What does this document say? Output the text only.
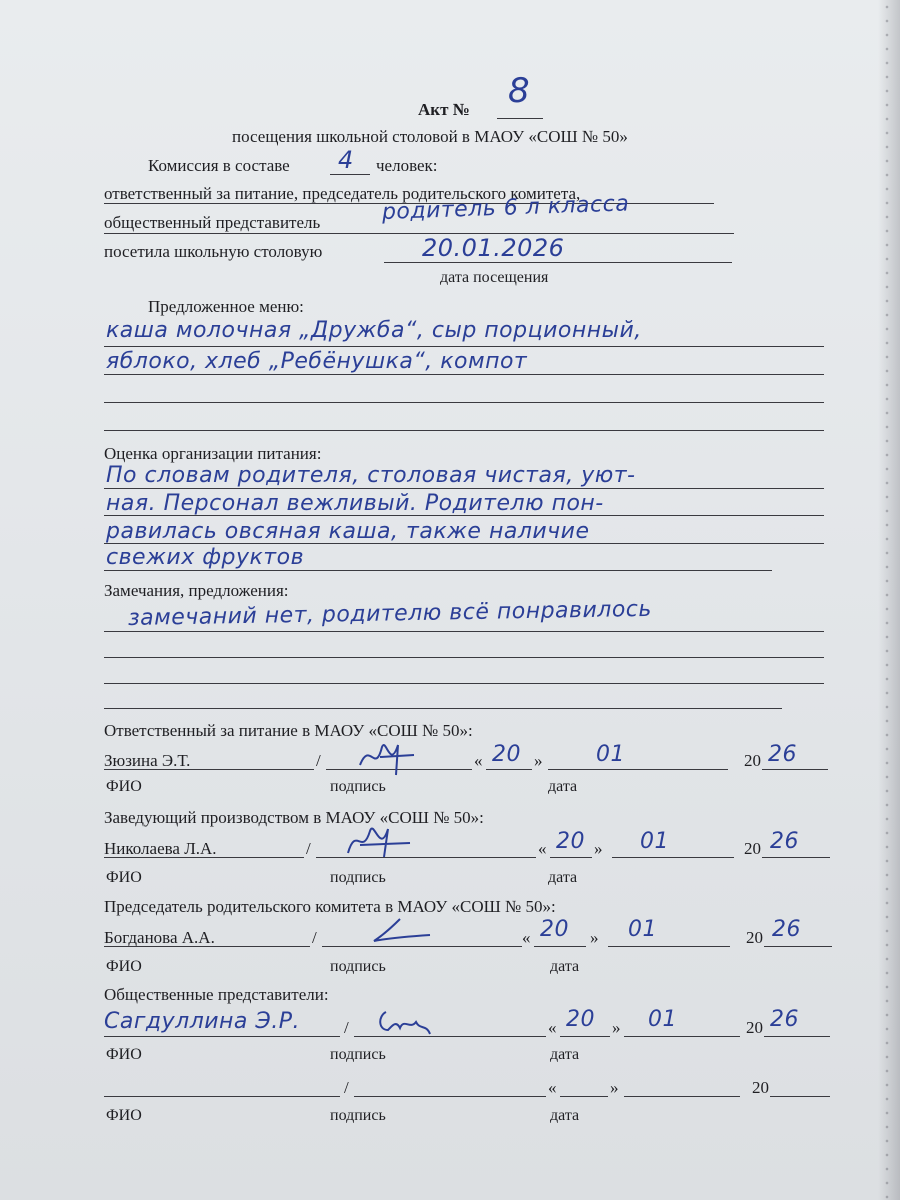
Акт № 8
посещения школьной столовой в МАОУ «СОШ № 50»
Комиссия в составе 4 человек:
ответственный за питание, председатель родительского комитета,
общественный представитель	родитель 6 л класса
посетила школьную столовую	20.01.2026
дата посещения
Предложенное меню:
каша молочная „Дружба“, сыр порционный,
яблоко, хлеб „Ребёнушка“, компот
Оценка организации питания:
По словам родителя, столовая чистая, уют-
ная. Персонал вежливый. Родителю пон-
равилась овсяная каша, также наличие
свежих фруктов
Замечания, предложения:
замечаний нет, родителю всё понравилось
Ответственный за питание в МАОУ «СОШ № 50»:
Зюзина Э.Т.	/	« 20 » 01	20 26
ФИО	подпись	дата
Заведующий производством в МАОУ «СОШ № 50»:
Николаева Л.А.	/	« 20 » 01	20 26
ФИО	подпись	дата
Председатель родительского комитета в МАОУ «СОШ № 50»:
Богданова А.А.	/	« 20 » 01	20 26
ФИО	подпись	дата
Общественные представители:
Сагдуллина Э.Р.	/	« 20 » 01	20 26
ФИО	подпись	дата
/	«	»	20
ФИО	подпись	дата
